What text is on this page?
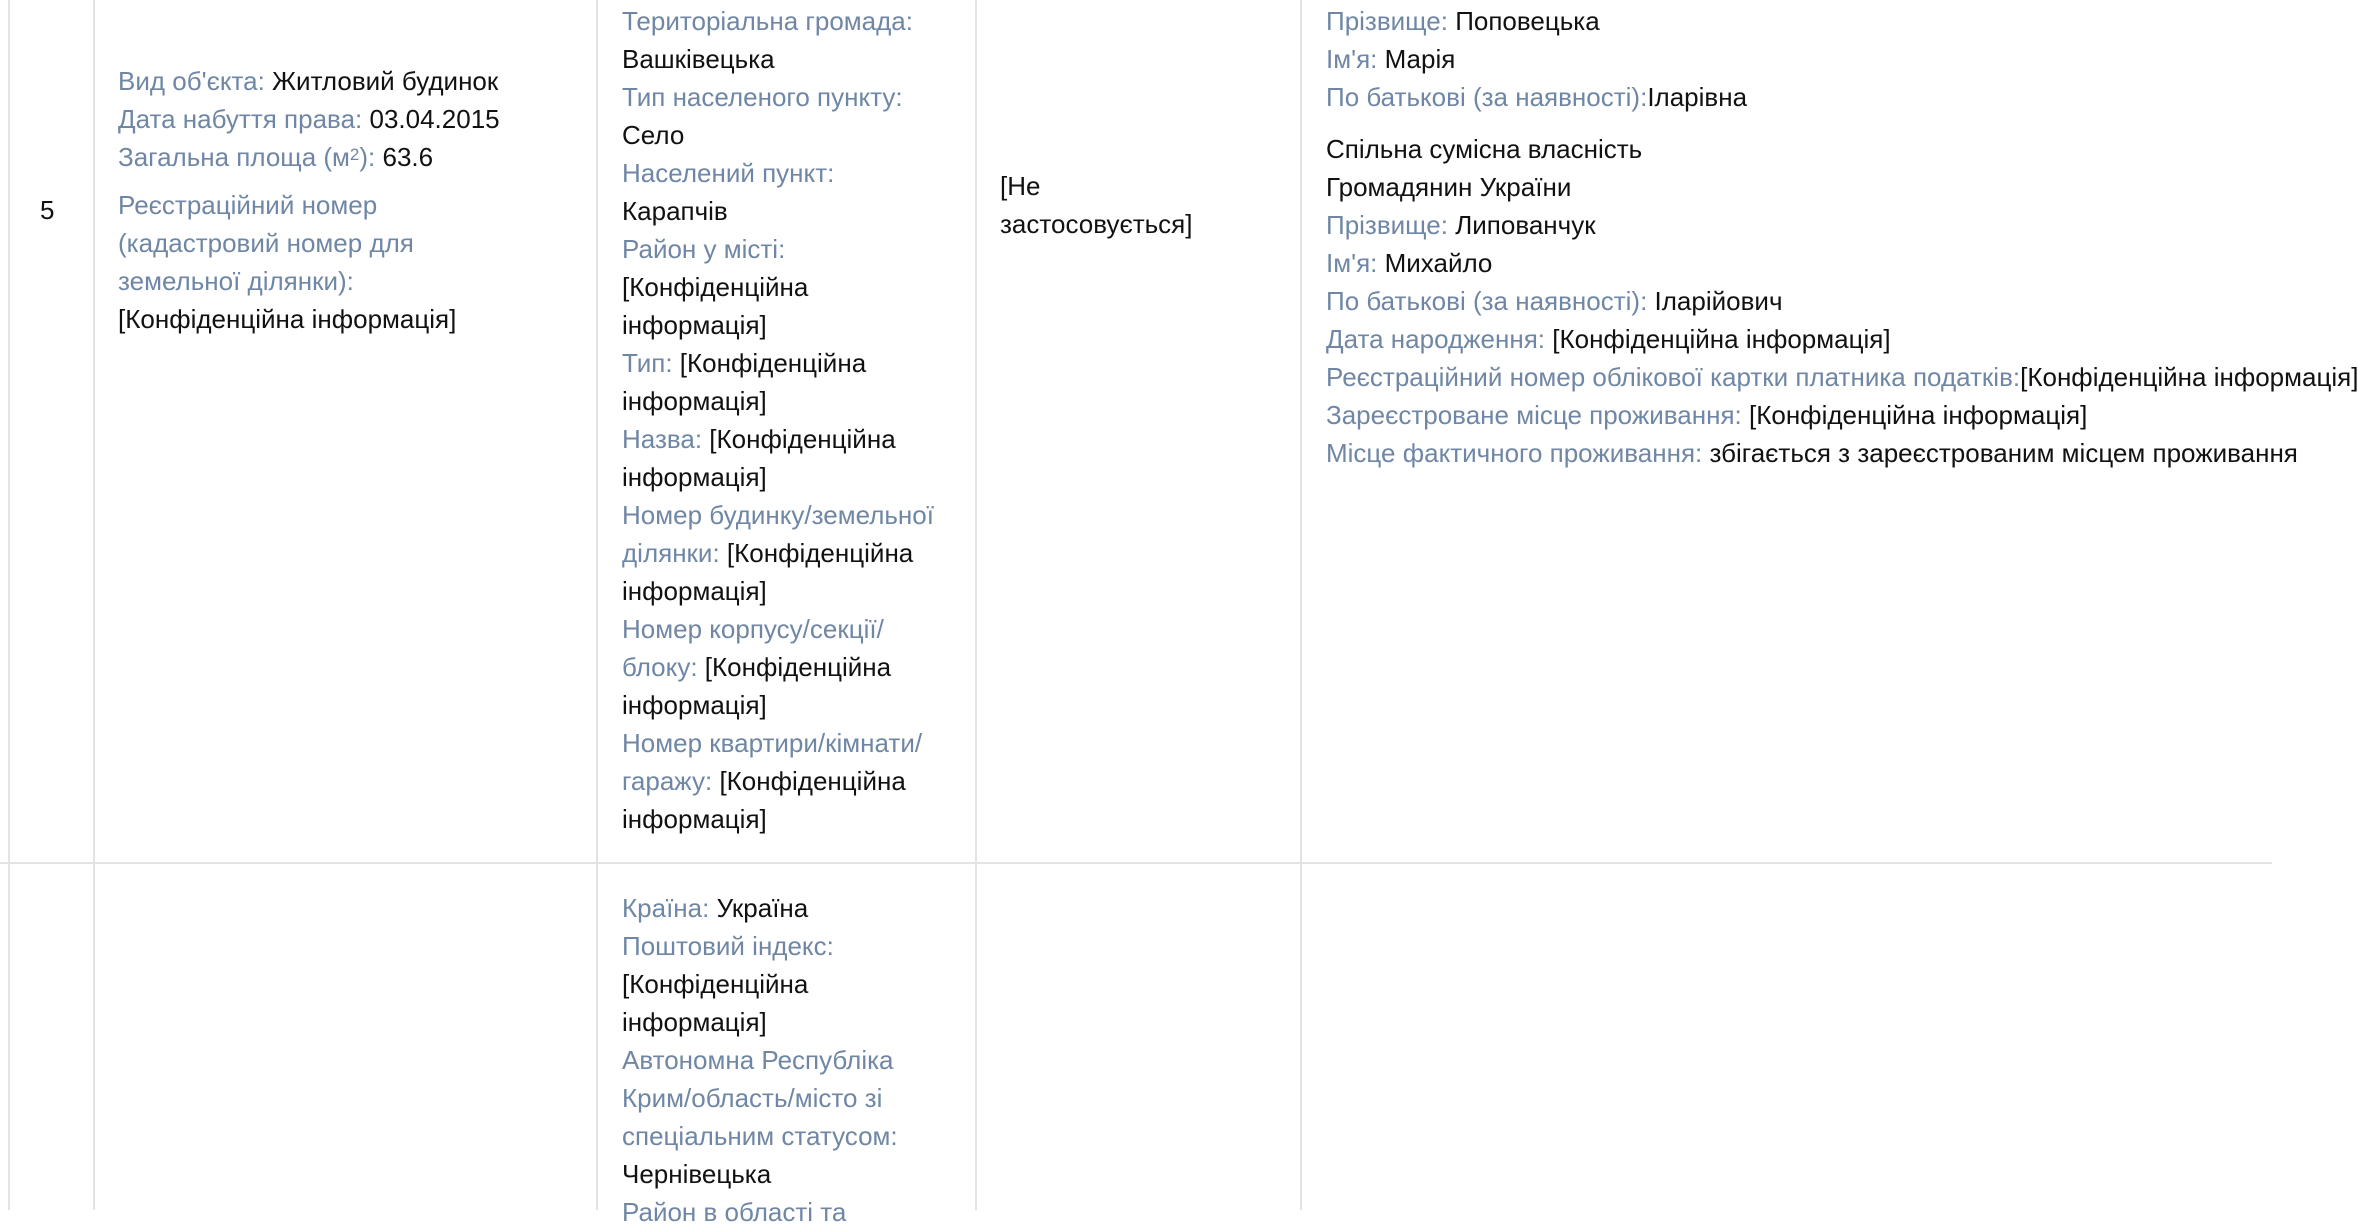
5
Вид об'єкта: Житловий будинок
Дата набуття права: 03.04.2015
Загальна площа $(м^2)$: 63.6
Реєстраційний номер
(кадастровий номер для
земельної ділянки):
[Конфіденційна інформація]
Територіальна громада:
Вашківецька
Тип населеного пункту:
Село
Населений пункт:
Карапчів
Район у місті:
[Конфіденційна
інформація]
Тип: [Конфіденційна
інформація]
Назва: [Конфіденційна
інформація]
Номер будинку/земельної
ділянки: [Конфіденційна
інформація]
Номер корпусу/секції/
блоку: [Конфіденційна
інформація]
Номер квартири/кімнати/
гаражу: [Конфіденційна
інформація]
[Не
застосовується]
Прізвище: Поповецька
Ім'я: Марія
По батькові (за наявності):Іларівна
Спільна сумісна власність
Громадянин України
Прізвище: Липованчук
Ім'я: Михайло
По батькові (за наявності): Іларійович
Дата народження: [Конфіденційна інформація]
Реєстраційний номер облікової картки платника податків:[Конфіденційна інформація]
Зареєстроване місце проживання: [Конфіденційна інформація]
Місце фактичного проживання: збігається з зареєстрованим місцем проживання
Країна: Україна
Поштовий індекс:
[Конфіденційна
інформація]
Автономна Республіка
Крим/область/місто зі
спеціальним статусом:
Чернівецька
Район в області та
